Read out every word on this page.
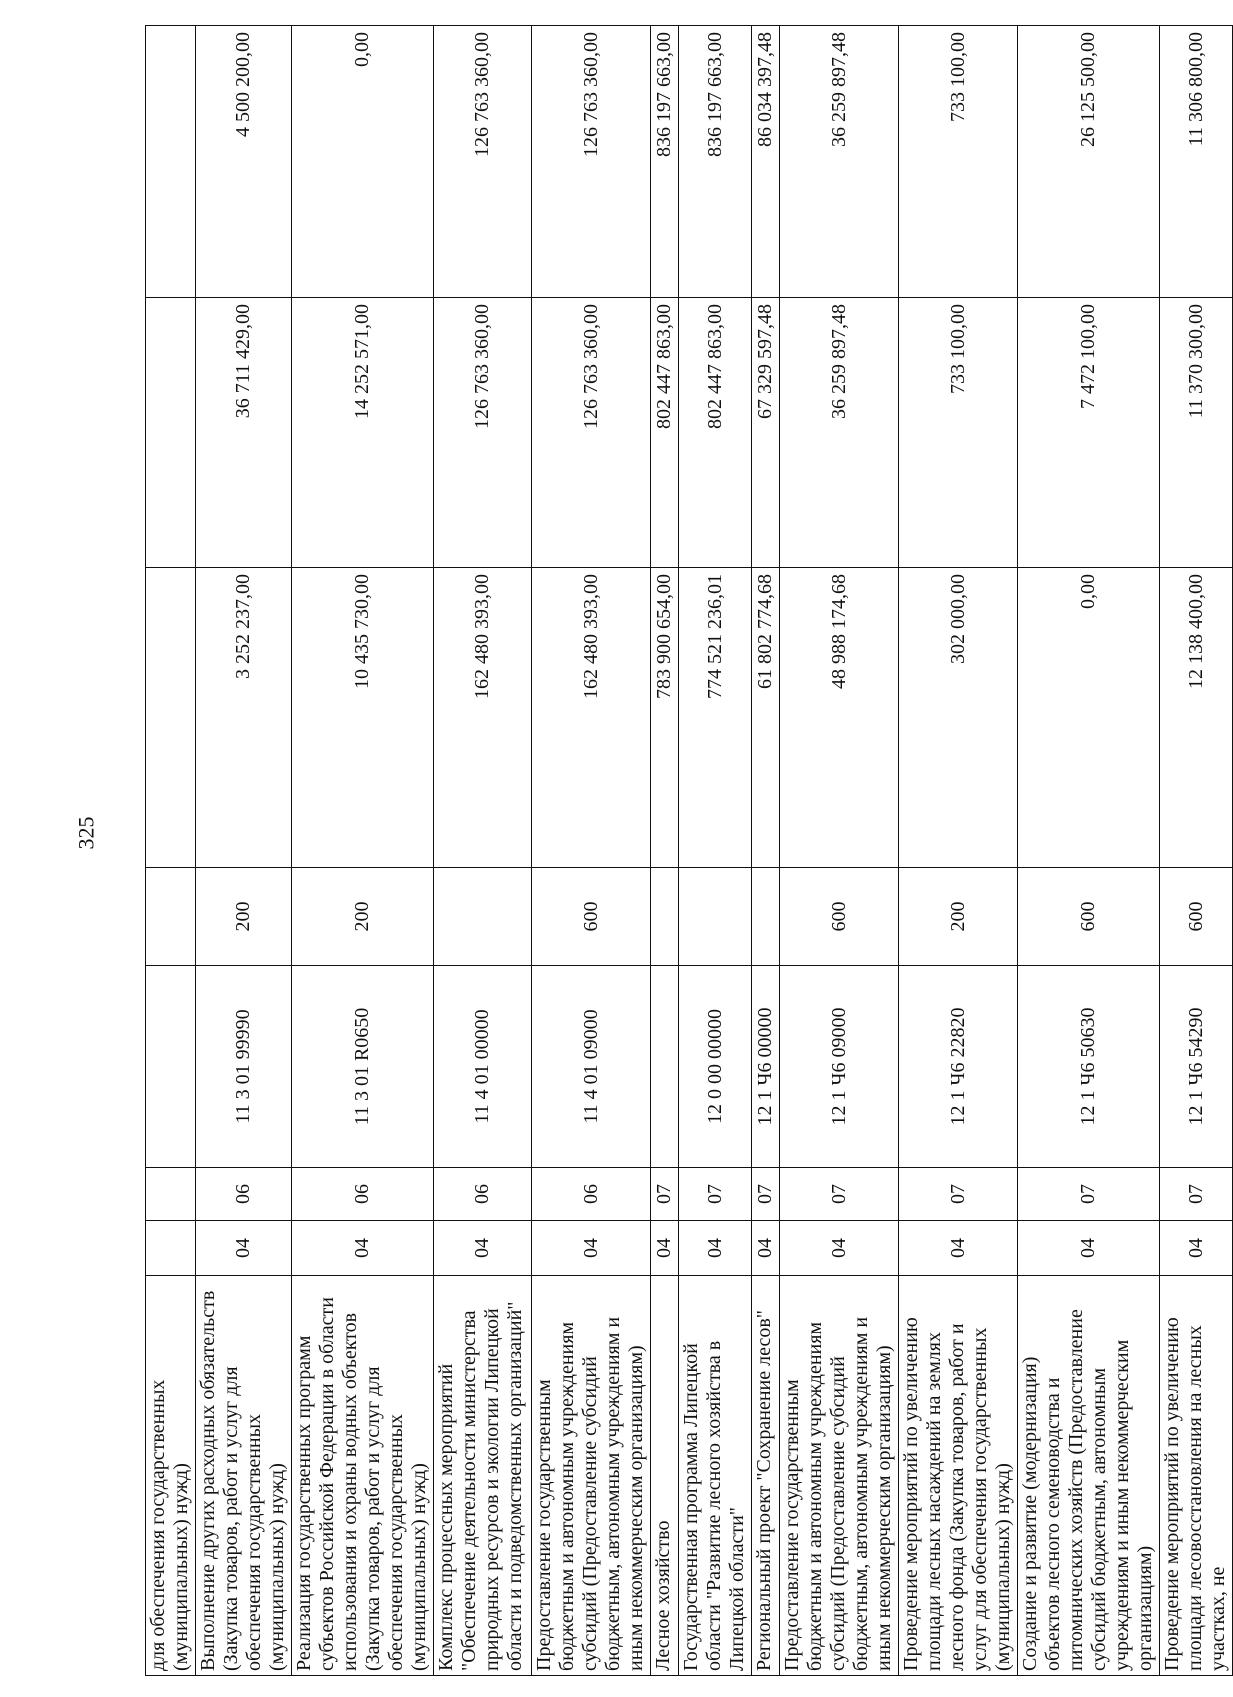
325
для обеспечения государственных (муниципальных) нужд)							
Выполнение других расходных обязательств (Закупка товаров, работ и услуг для обеспечения государственных (муниципальных) нужд)	04	06	11 3 01 99990	200	3 252 237,00	36 711 429,00	4 500 200,00
Реализация государственных программ субъектов Российской Федерации в области использования и охраны водных объектов (Закупка товаров, работ и услуг для обеспечения государственных (муниципальных) нужд)	04	06	11 3 01 R0650	200	10 435 730,00	14 252 571,00	0,00
Комплекс процессных мероприятий "Обеспечение деятельности министерства природных ресурсов и экологии Липецкой области и подведомственных организаций"	04	06	11 4 01 00000		162 480 393,00	126 763 360,00	126 763 360,00
Предоставление государственным бюджетным и автономным учреждениям субсидий (Предоставление субсидий бюджетным, автономным учреждениям и иным некоммерческим организациям)	04	06	11 4 01 09000	600	162 480 393,00	126 763 360,00	126 763 360,00
Лесное хозяйство	04	07			783 900 654,00	802 447 863,00	836 197 663,00
Государственная программа Липецкой области "Развитие лесного хозяйства в Липецкой области"	04	07	12 0 00 00000		774 521 236,01	802 447 863,00	836 197 663,00
Региональный проект "Сохранение лесов"	04	07	12 1 Ч6 00000		61 802 774,68	67 329 597,48	86 034 397,48
Предоставление государственным бюджетным и автономным учреждениям субсидий (Предоставление субсидий бюджетным, автономным учреждениям и иным некоммерческим организациям)	04	07	12 1 Ч6 09000	600	48 988 174,68	36 259 897,48	36 259 897,48
Проведение мероприятий по увеличению площади лесных насаждений на землях лесного фонда (Закупка товаров, работ и услуг для обеспечения государственных (муниципальных) нужд)	04	07	12 1 Ч6 22820	200	302 000,00	733 100,00	733 100,00
Создание и развитие (модернизация) объектов лесного семеноводства и питомнических хозяйств (Предоставление субсидий бюджетным, автономным учреждениям и иным некоммерческим организациям)	04	07	12 1 Ч6 50630	600	0,00	7 472 100,00	26 125 500,00
Проведение мероприятий по увеличению площади лесовосстановления на лесных участках, не	04	07	12 1 Ч6 54290	600	12 138 400,00	11 370 300,00	11 306 800,00
